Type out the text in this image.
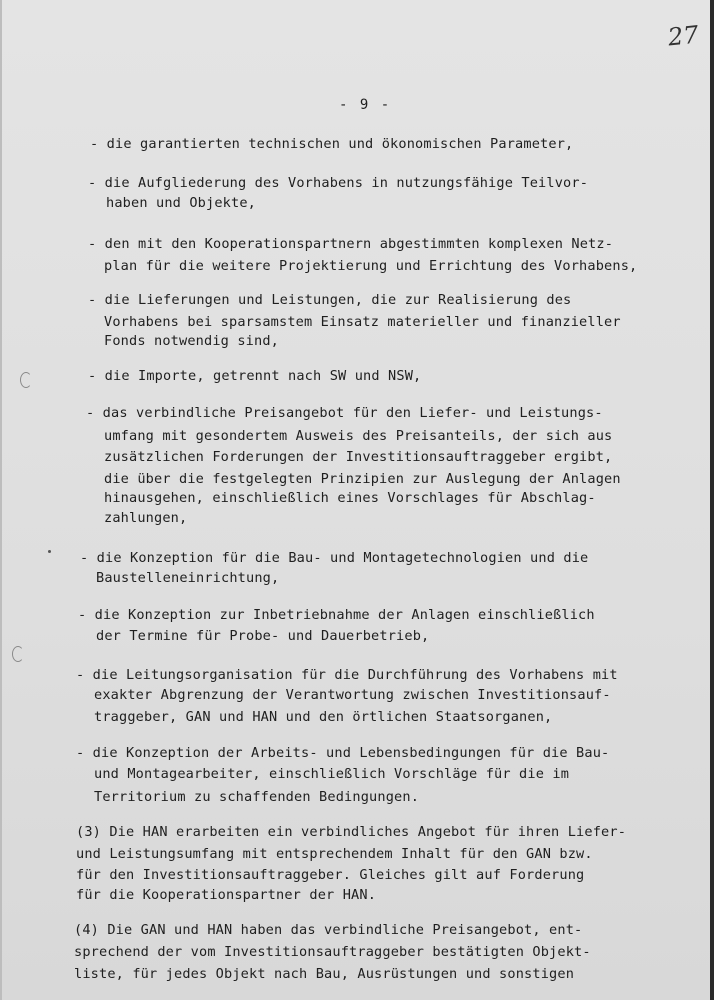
27
- 9 -
- die garantierten technischen und ökonomischen Parameter,
- die Aufgliederung des Vorhabens in nutzungsfähige Teilvor-
haben und Objekte,
- den mit den Kooperationspartnern abgestimmten komplexen Netz-
plan für die weitere Projektierung und Errichtung des Vorhabens,
- die Lieferungen und Leistungen, die zur Realisierung des
Vorhabens bei sparsamstem Einsatz materieller und finanzieller
Fonds notwendig sind,
- die Importe, getrennt nach SW und NSW,
- das verbindliche Preisangebot für den Liefer- und Leistungs-
umfang mit gesondertem Ausweis des Preisanteils, der sich aus
zusätzlichen Forderungen der Investitionsauftraggeber ergibt,
die über die festgelegten Prinzipien zur Auslegung der Anlagen
hinausgehen, einschließlich eines Vorschlages für Abschlag-
zahlungen,
- die Konzeption für die Bau- und Montagetechnologien und die
Baustelleneinrichtung,
- die Konzeption zur Inbetriebnahme der Anlagen einschließlich
der Termine für Probe- und Dauerbetrieb,
- die Leitungsorganisation für die Durchführung des Vorhabens mit
exakter Abgrenzung der Verantwortung zwischen Investitionsauf-
traggeber, GAN und HAN und den örtlichen Staatsorganen,
- die Konzeption der Arbeits- und Lebensbedingungen für die Bau-
und Montagearbeiter, einschließlich Vorschläge für die im
Territorium zu schaffenden Bedingungen.
(3) Die HAN erarbeiten ein verbindliches Angebot für ihren Liefer-
und Leistungsumfang mit entsprechendem Inhalt für den GAN bzw.
für den Investitionsauftraggeber. Gleiches gilt auf Forderung
für die Kooperationspartner der HAN.
(4) Die GAN und HAN haben das verbindliche Preisangebot, ent-
sprechend der vom Investitionsauftraggeber bestätigten Objekt-
liste, für jedes Objekt nach Bau, Ausrüstungen und sonstigen
